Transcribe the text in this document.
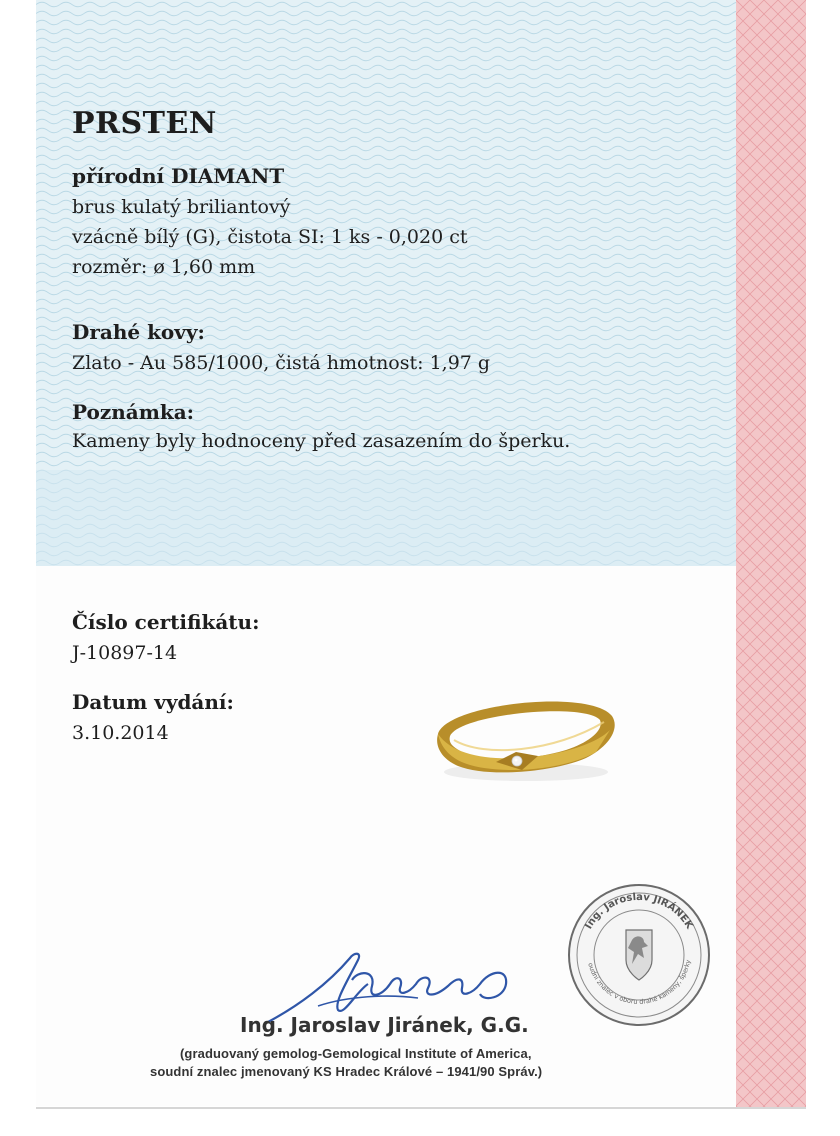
PRSTEN

přírodní DIAMANT

brus kulatý briliantový

vzácně bílý (G), čistota SI: 1 ks - 0,020 ct

rozměr: ø 1,60 mm

Drahé kovy:

Zlato - Au 585/1000, čistá hmotnost: 1,97 g

Poznámka:

Kameny byly hodnoceny před zasazením do šperku.

Číslo certifikátu:

J-10897-14

Datum vydání:

3.10.2014

Ing. Jaroslav JIRÁNEK
oudní znalec v oboru drahé kameny, šperky

Ing. Jaroslav Jiránek, G.G.

(graduovaný gemolog-Gemological Institute of America,

soudní znalec jmenovaný KS Hradec Králové – 1941/90 Správ.)
